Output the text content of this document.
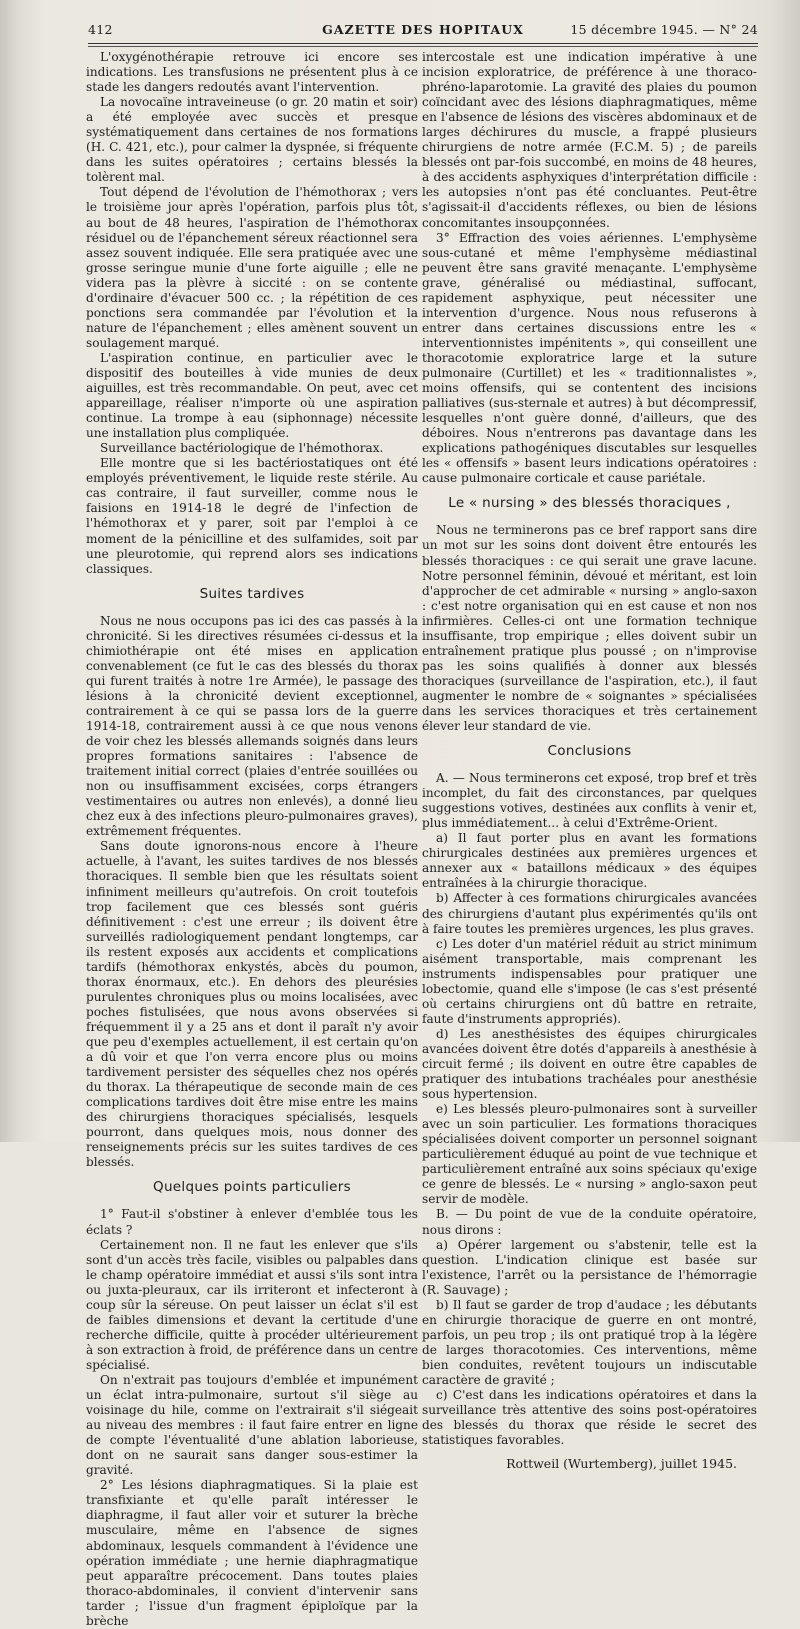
412	GAZETTE DES HOPITAUX	15 décembre 1945. — N° 24

L'oxygénothérapie retrouve ici encore ses indications. Les transfusions ne présentent plus à ce stade les dangers redoutés avant l'intervention.

La novocaïne intraveineuse (o gr. 20 matin et soir) a été employée avec succès et presque systématiquement dans certaines de nos formations (H. C. 421, etc.), pour calmer la dyspnée, si fréquente dans les suites opératoires ; certains blessés la tolèrent mal.

Tout dépend de l'évolution de l'hémothorax ; vers le troisième jour après l'opération, parfois plus tôt, au bout de 48 heures, l'aspiration de l'hémothorax résiduel ou de l'épanchement séreux réactionnel sera assez souvent indiquée. Elle sera pratiquée avec une grosse seringue munie d'une forte aiguille ; elle ne videra pas la plèvre à siccité : on se contente d'ordinaire d'évacuer 500 cc. ; la répétition de ces ponctions sera commandée par l'évolution et la nature de l'épanchement ; elles amènent souvent un soulagement marqué.

L'aspiration continue, en particulier avec le dispositif des bouteilles à vide munies de deux aiguilles, est très recommandable. On peut, avec cet appareillage, réaliser n'importe où une aspiration continue. La trompe à eau (siphonnage) nécessite une installation plus compliquée.

Surveillance bactériologique de l'hémothorax.

Elle montre que si les bactériostatiques ont été employés préventivement, le liquide reste stérile. Au cas contraire, il faut surveiller, comme nous le faisions en 1914-18 le degré de l'infection de l'hémothorax et y parer, soit par l'emploi à ce moment de la pénicilline et des sulfamides, soit par une pleurotomie, qui reprend alors ses indications classiques.

Suites tardives

Nous ne nous occupons pas ici des cas passés à la chronicité. Si les directives résumées ci-dessus et la chimiothérapie ont été mises en application convenablement (ce fut le cas des blessés du thorax qui furent traités à notre 1re Armée), le passage des lésions à la chronicité devient exceptionnel, contrairement à ce qui se passa lors de la guerre 1914-18, contrairement aussi à ce que nous venons de voir chez les blessés allemands soignés dans leurs propres formations sanitaires : l'absence de traitement initial correct (plaies d'entrée souillées ou non ou insuffisamment excisées, corps étrangers vestimentaires ou autres non enlevés), a donné lieu chez eux à des infections pleuro-pulmonaires graves), extrêmement fréquentes.

Sans doute ignorons-nous encore à l'heure actuelle, à l'avant, les suites tardives de nos blessés thoraciques. Il semble bien que les résultats soient infiniment meilleurs qu'autrefois. On croit toutefois trop facilement que ces blessés sont guéris définitivement : c'est une erreur ; ils doivent être surveillés radiologiquement pendant longtemps, car ils restent exposés aux accidents et complications tardifs (hémothorax enkystés, abcès du poumon, thorax énormaux, etc.). En dehors des pleurésies purulentes chroniques plus ou moins localisées, avec poches fistulisées, que nous avons observées si fréquemment il y a 25 ans et dont il paraît n'y avoir que peu d'exemples actuellement, il est certain qu'on a dû voir et que l'on verra encore plus ou moins tardivement persister des séquelles chez nos opérés du thorax. La thérapeutique de seconde main de ces complications tardives doit être mise entre les mains des chirurgiens thoraciques spécialisés, lesquels pourront, dans quelques mois, nous donner des renseignements précis sur les suites tardives de ces blessés.

Quelques points particuliers

1° Faut-il s'obstiner à enlever d'emblée tous les éclats ?

Certainement non. Il ne faut les enlever que s'ils sont d'un accès très facile, visibles ou palpables dans le champ opératoire immédiat et aussi s'ils sont intra ou juxta-pleuraux, car ils irriteront et infecteront à coup sûr la séreuse. On peut laisser un éclat s'il est de faibles dimensions et devant la certitude d'une recherche difficile, quitte à procéder ultérieurement à son extraction à froid, de préférence dans un centre spécialisé.

On n'extrait pas toujours d'emblée et impunément un éclat intra-pulmonaire, surtout s'il siège au voisinage du hile, comme on l'extrairait s'il siégeait au niveau des membres : il faut faire entrer en ligne de compte l'éventualité d'une ablation laborieuse, dont on ne saurait sans danger sous-estimer la gravité.

2° Les lésions diaphragmatiques. Si la plaie est transfixiante et qu'elle paraît intéresser le diaphragme, il faut aller voir et suturer la brèche musculaire, même en l'absence de signes abdominaux, lesquels commandent à l'évidence une opération immédiate ; une hernie diaphragmatique peut apparaître précocement. Dans toutes plaies thoraco-abdominales, il convient d'intervenir sans tarder ; l'issue d'un fragment épiploïque par la brèche

intercostale est une indication impérative à une incision exploratrice, de préférence à une thoraco-phréno-laparotomie. La gravité des plaies du poumon coïncidant avec des lésions diaphragmatiques, même en l'absence de lésions des viscères abdominaux et de larges déchirures du muscle, a frappé plusieurs chirurgiens de notre armée (F.C.M. 5) ; de pareils blessés ont par-fois succombé, en moins de 48 heures, à des accidents asphyxiques d'interprétation difficile : les autopsies n'ont pas été concluantes. Peut-être s'agissait-il d'accidents réflexes, ou bien de lésions concomitantes insoupçonnées.

3° Effraction des voies aériennes. L'emphysème sous-cutané et même l'emphysème médiastinal peuvent être sans gravité menaçante. L'emphysème grave, généralisé ou médiastinal, suffocant, rapidement asphyxique, peut nécessiter une intervention d'urgence. Nous nous refuserons à entrer dans certaines discussions entre les « interventionnistes impénitents », qui conseillent une thoracotomie exploratrice large et la suture pulmonaire (Curtillet) et les « traditionnalistes », moins offensifs, qui se contentent des incisions palliatives (sus-sternale et autres) à but décompressif, lesquelles n'ont guère donné, d'ailleurs, que des déboires. Nous n'entrerons pas davantage dans les explications pathogéniques discutables sur lesquelles les « offensifs » basent leurs indications opératoires : cause pulmonaire corticale et cause pariétale.

Le « nursing » des blessés thoraciques ,

Nous ne terminerons pas ce bref rapport sans dire un mot sur les soins dont doivent être entourés les blessés thoraciques : ce qui serait une grave lacune. Notre personnel féminin, dévoué et méritant, est loin d'approcher de cet admirable « nursing » anglo-saxon : c'est notre organisation qui en est cause et non nos infirmières. Celles-ci ont une formation technique insuffisante, trop empirique ; elles doivent subir un entraînement pratique plus poussé ; on n'improvise pas les soins qualifiés à donner aux blessés thoraciques (surveillance de l'aspiration, etc.), il faut augmenter le nombre de « soignantes » spécialisées dans les services thoraciques et très certainement élever leur standard de vie.

Conclusions

A. — Nous terminerons cet exposé, trop bref et très incomplet, du fait des circonstances, par quelques suggestions votives, destinées aux conflits à venir et, plus immédiatement... à celui d'Extrême-Orient.

a) Il faut porter plus en avant les formations chirurgicales destinées aux premières urgences et annexer aux « bataillons médicaux » des équipes entraînées à la chirurgie thoracique.

b) Affecter à ces formations chirurgicales avancées des chirurgiens d'autant plus expérimentés qu'ils ont à faire toutes les premières urgences, les plus graves.

c) Les doter d'un matériel réduit au strict minimum aisément transportable, mais comprenant les instruments indispensables pour pratiquer une lobectomie, quand elle s'impose (le cas s'est présenté où certains chirurgiens ont dû battre en retraite, faute d'instruments appropriés).

d) Les anesthésistes des équipes chirurgicales avancées doivent être dotés d'appareils à anesthésie à circuit fermé ; ils doivent en outre être capables de pratiquer des intubations trachéales pour anesthésie sous hypertension.

e) Les blessés pleuro-pulmonaires sont à surveiller avec un soin particulier. Les formations thoraciques spécialisées doivent comporter un personnel soignant particulièrement éduqué au point de vue technique et particulièrement entraîné aux soins spéciaux qu'exige ce genre de blessés. Le « nursing » anglo-saxon peut servir de modèle.

B. — Du point de vue de la conduite opératoire, nous dirons :

a) Opérer largement ou s'abstenir, telle est la question. L'indication clinique est basée sur l'existence, l'arrêt ou la persistance de l'hémorragie (R. Sauvage) ;

b) Il faut se garder de trop d'audace ; les débutants en chirurgie thoracique de guerre en ont montré, parfois, un peu trop ; ils ont pratiqué trop à la légère de larges thoracotomies. Ces interventions, même bien conduites, revêtent toujours un indiscutable caractère de gravité ;

c) C'est dans les indications opératoires et dans la surveillance très attentive des soins post-opératoires des blessés du thorax que réside le secret des statistiques favorables.

Rottweil (Wurtemberg), juillet 1945.
